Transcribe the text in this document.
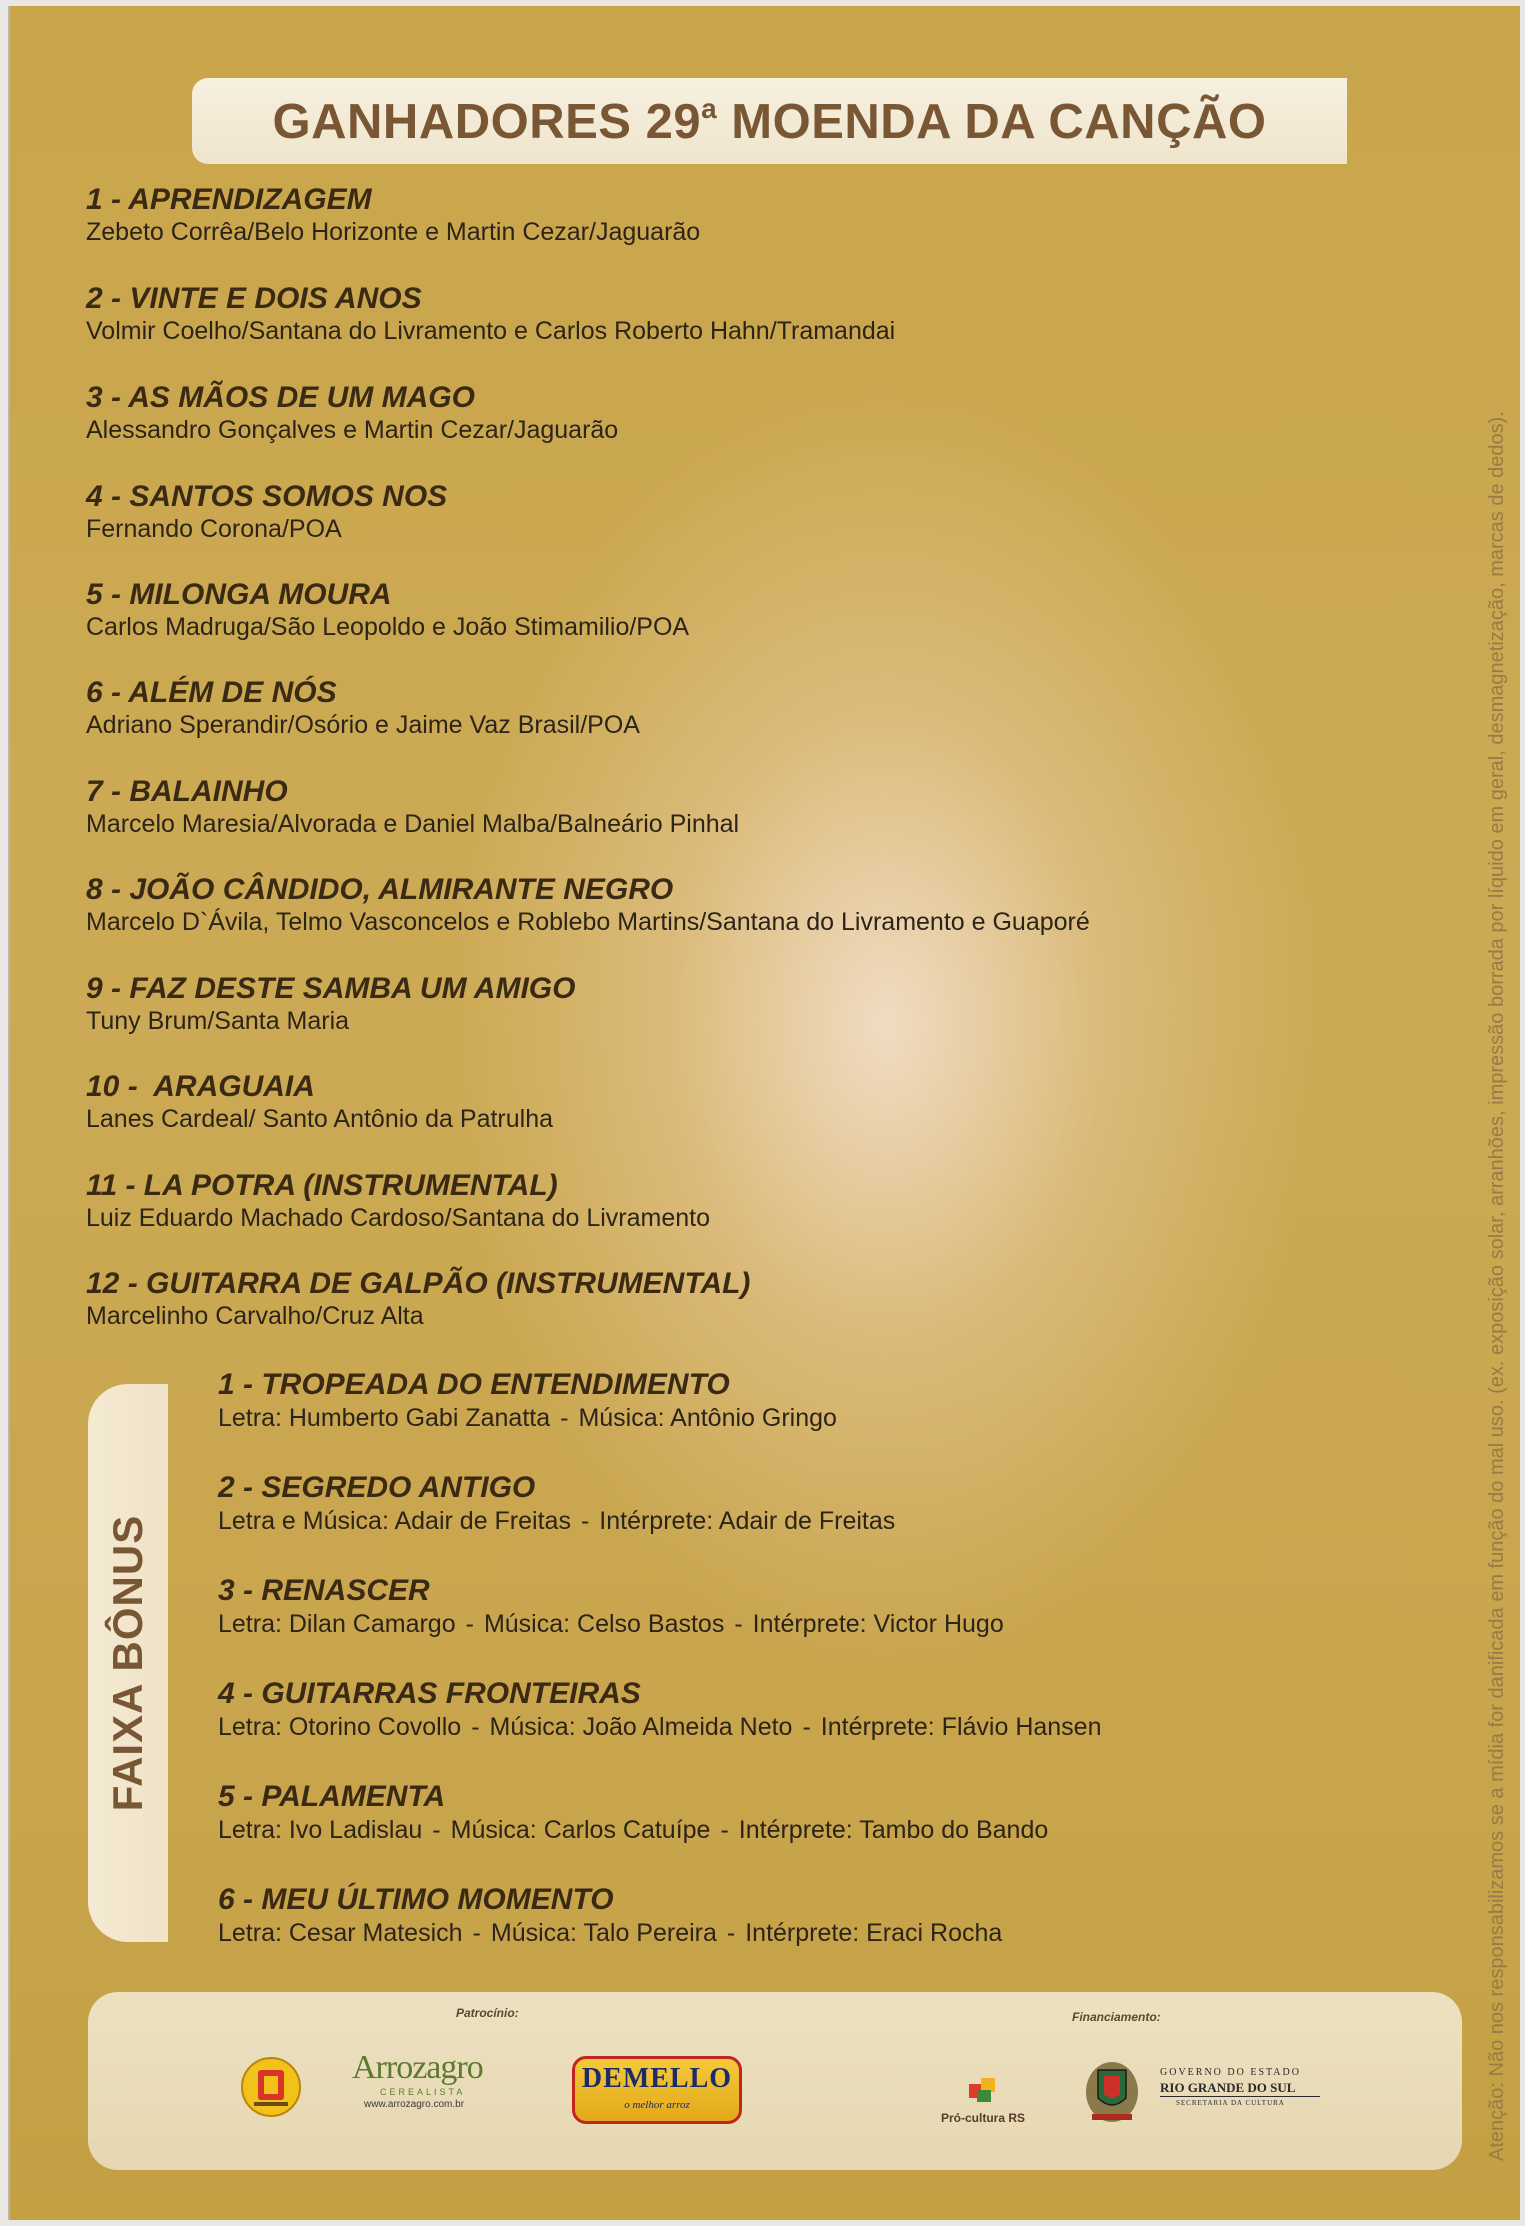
GANHADORES 29$^a$ MOENDA DA CANÇÃO
1 - APRENDIZAGEM
Zebeto Corrêa/Belo Horizonte e Martin Cezar/Jaguarão
2 - VINTE E DOIS ANOS
Volmir Coelho/Santana do Livramento e Carlos Roberto Hahn/Tramandai
3 - AS MÃOS DE UM MAGO
Alessandro Gonçalves e Martin Cezar/Jaguarão
4 - SANTOS SOMOS NOS
Fernando Corona/POA
5 - MILONGA MOURA
Carlos Madruga/São Leopoldo e João Stimamilio/POA
6 - ALÉM DE NÓS
Adriano Sperandir/Osório e Jaime Vaz Brasil/POA
7 - BALAINHO
Marcelo Maresia/Alvorada e Daniel Malba/Balneário Pinhal
8 - JOÃO CÂNDIDO, ALMIRANTE NEGRO
Marcelo D`Ávila, Telmo Vasconcelos e Roblebo Martins/Santana do Livramento e Guaporé
9 - FAZ DESTE SAMBA UM AMIGO
Tuny Brum/Santa Maria
10 -  ARAGUAIA
Lanes Cardeal/ Santo Antônio da Patrulha
11 - LA POTRA (INSTRUMENTAL)
Luiz Eduardo Machado Cardoso/Santana do Livramento
12 - GUITARRA DE GALPÃO (INSTRUMENTAL)
Marcelinho Carvalho/Cruz Alta
FAIXA BÔNUS
1 - TROPEADA DO ENTENDIMENTO
Letra: Humberto Gabi Zanatta - Música: Antônio Gringo
2 - SEGREDO ANTIGO
Letra e Música: Adair de Freitas - Intérprete: Adair de Freitas
3 - RENASCER
Letra: Dilan Camargo - Música: Celso Bastos - Intérprete: Victor Hugo
4 - GUITARRAS FRONTEIRAS
Letra: Otorino Covollo - Música: João Almeida Neto - Intérprete: Flávio Hansen
5 - PALAMENTA
Letra: Ivo Ladislau - Música: Carlos Catuípe - Intérprete: Tambo do Bando
6 - MEU ÚLTIMO MOMENTO
Letra: Cesar Matesich - Música: Talo Pereira - Intérprete: Eraci Rocha
Patrocínio:	Financiamento:
Arrozagro
CEREALISTA
www.arrozagro.com.br
DEMELLO
o melhor arroz
Pró-cultura RS
GOVERNO DO ESTADO
RIO GRANDE DO SUL
SECRETARIA DA CULTURA	Atenção: Não nos responsabilizamos se a mídia for danificada em função do mal uso. (ex. exposição solar, arranhões, impressão borrada por líquido em geral, desmagnetização, marcas de dedos).
